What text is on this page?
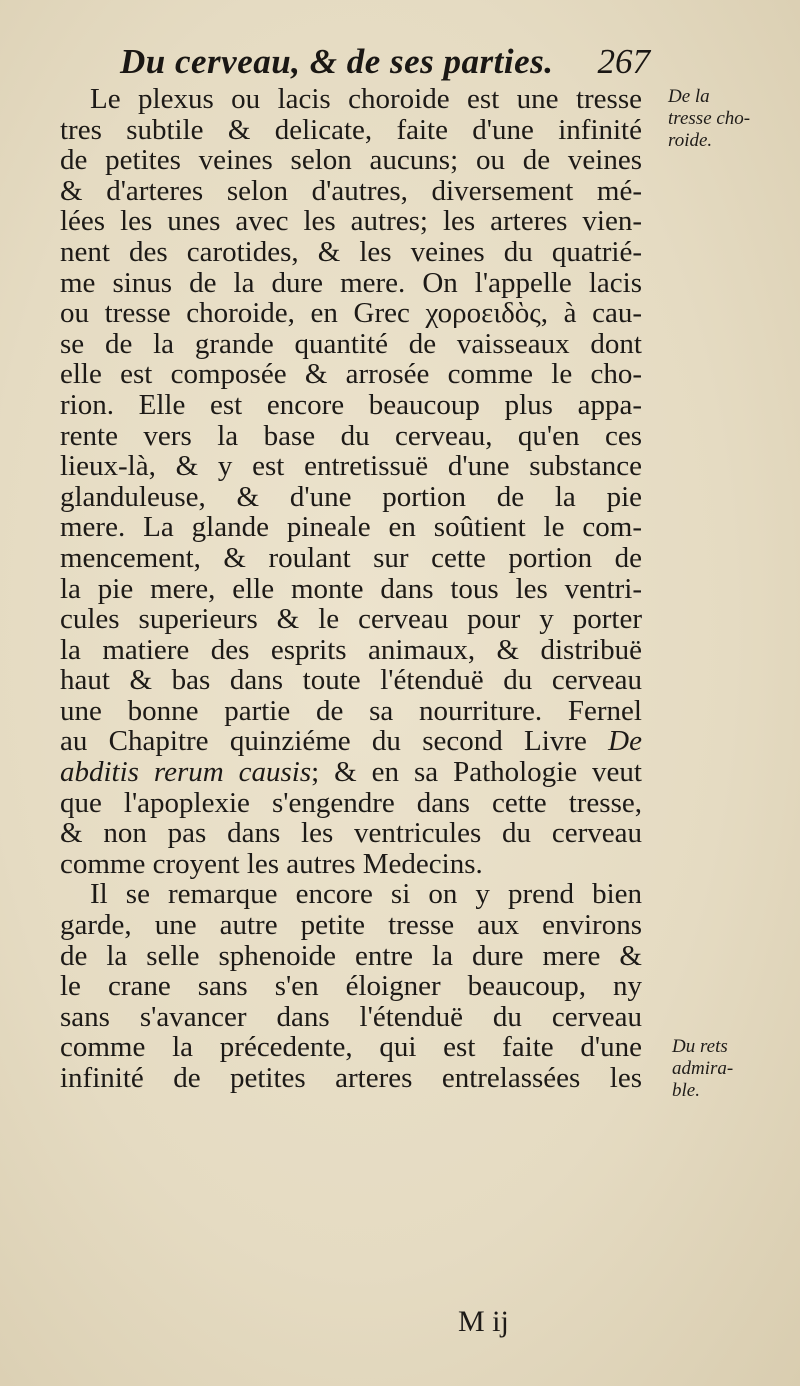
Du cerveau, & de ses parties. 267
Le plexus ou lacis choroide est une tresse
tres subtile & delicate, faite d'une infinité
de petites veines selon aucuns; ou de veines
& d'arteres selon d'autres, diversement mé-
lées les unes avec les autres; les arteres vien-
nent des carotides, & les veines du quatrié-
me sinus de la dure mere. On l'appelle lacis
ou tresse choroide, en Grec χοροειδὸς, à cau-
se de la grande quantité de vaisseaux dont
elle est composée & arrosée comme le cho-
rion. Elle est encore beaucoup plus appa-
rente vers la base du cerveau, qu'en ces
lieux-là, & y est entretissuë d'une substance
glanduleuse, & d'une portion de la pie
mere. La glande pineale en soûtient le com-
mencement, & roulant sur cette portion de
la pie mere, elle monte dans tous les ventri-
cules superieurs & le cerveau pour y porter
la matiere des esprits animaux, & distribuë
haut & bas dans toute l'étenduë du cerveau
une bonne partie de sa nourriture. Fernel
au Chapitre quinziéme du second Livre De
abditis rerum causis; & en sa Pathologie veut
que l'apoplexie s'engendre dans cette tresse,
& non pas dans les ventricules du cerveau
comme croyent les autres Medecins.
Il se remarque encore si on y prend bien
garde, une autre petite tresse aux environs
de la selle sphenoide entre la dure mere &
le crane sans s'en éloigner beaucoup, ny
sans s'avancer dans l'étenduë du cerveau
comme la précedente, qui est faite d'une
infinité de petites arteres entrelassées les
De la
tresse cho-
roide.
Du rets
admira-
ble.
M ij
